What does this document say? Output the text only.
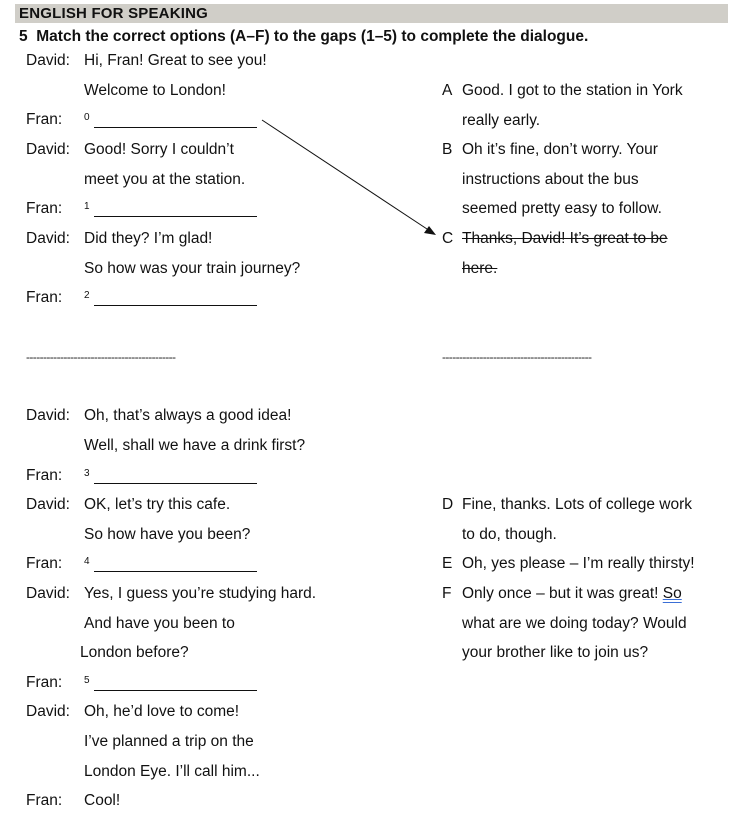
ENGLISH FOR SPEAKING
5 Match the correct options (A–F) to the gaps (1–5) to complete the dialogue.
David: Hi, Fran! Great to see you!
Welcome to London!
Fran: 0
David: Good! Sorry I couldn’t
meet you at the station.
Fran: 1
David: Did they? I’m glad!
So how was your train journey?
Fran: 2
--------------------------------------------	--------------------------------------------
David: Oh, that’s always a good idea!
Well, shall we have a drink first?
Fran: 3
David: OK, let’s try this cafe.
So how have you been?
Fran: 4
David: Yes, I guess you’re studying hard.
And have you been to
London before?
Fran: 5
David: Oh, he’d love to come!
I’ve planned a trip on the
London Eye. I’ll call him...
Fran: Cool!
A Good. I got to the station in York
really early.
B Oh it’s fine, don’t worry. Your
instructions about the bus
seemed pretty easy to follow.
C Thanks, David! It’s great to be
here.
D Fine, thanks. Lots of college work
to do, though.
E Oh, yes please – I’m really thirsty!
F Only once – but it was great! So
what are we doing today? Would
your brother like to join us?
